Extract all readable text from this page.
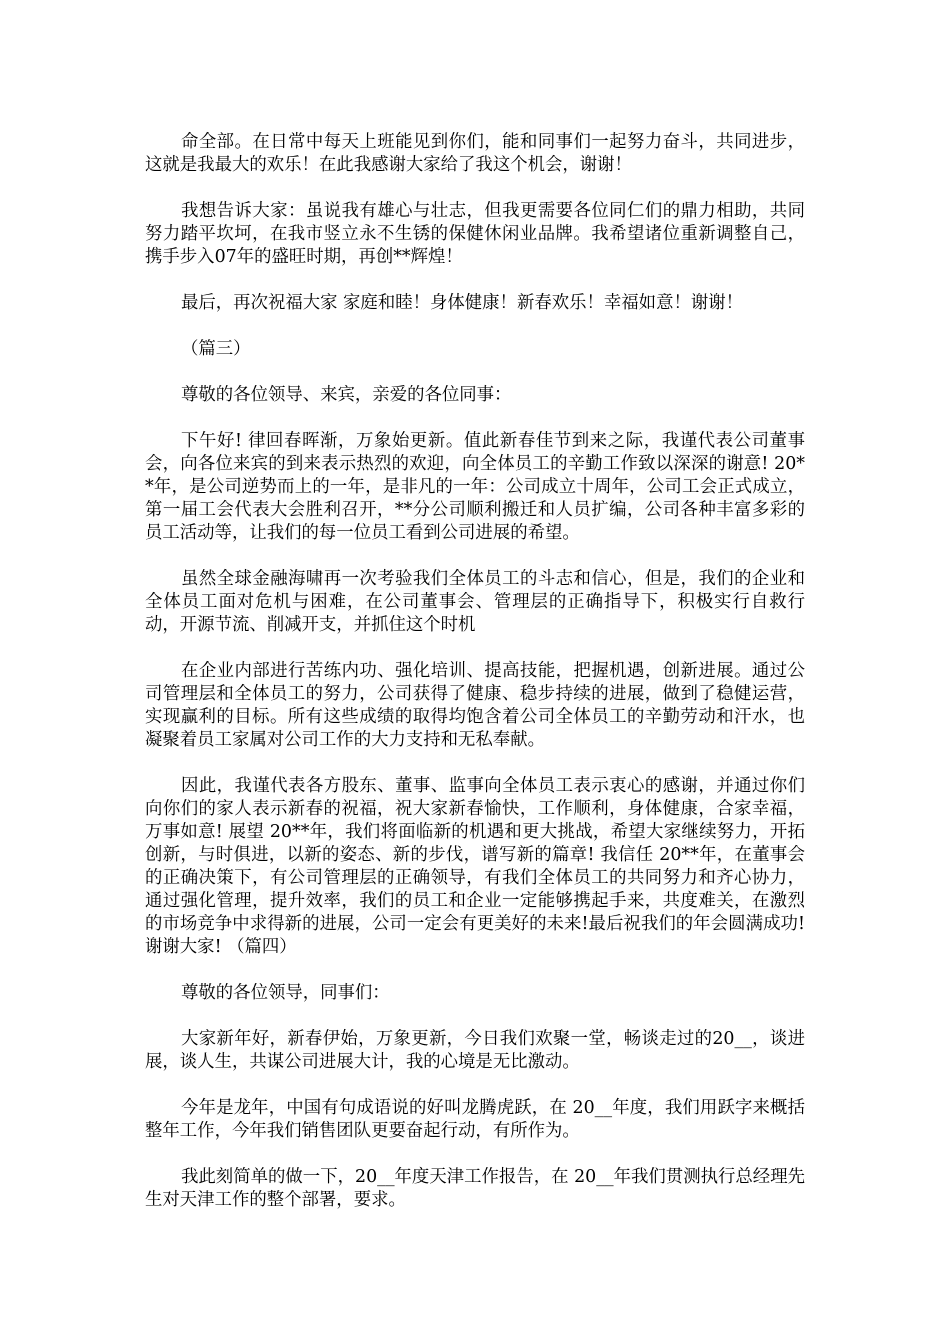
命全部。在日常中每天上班能见到你们，能和同事们一起努力奋斗，共同进步，这就是我最大的欢乐！在此我感谢大家给了我这个机会，谢谢！

我想告诉大家：虽说我有雄心与壮志，但我更需要各位同仁们的鼎力相助，共同努力踏平坎坷，在我市竖立永不生锈的保健休闲业品牌。我希望诸位重新调整自己，携手步入07年的盛旺时期，再创**辉煌！

最后，再次祝福大家 家庭和睦！身体健康！新春欢乐！幸福如意！谢谢！

（篇三）

尊敬的各位领导、来宾，亲爱的各位同事：

下午好! 律回春晖渐，万象始更新。值此新春佳节到来之际，我谨代表公司董事会，向各位来宾的到来表示热烈的欢迎，向全体员工的辛勤工作致以深深的谢意! 20**年，是公司逆势而上的一年，是非凡的一年：公司成立十周年，公司工会正式成立，第一届工会代表大会胜利召开，**分公司顺利搬迁和人员扩编，公司各种丰富多彩的员工活动等，让我们的每一位员工看到公司进展的希望。

虽然全球金融海啸再一次考验我们全体员工的斗志和信心，但是，我们的企业和全体员工面对危机与困难，在公司董事会、管理层的正确指导下，积极实行自救行动，开源节流、削减开支，并抓住这个时机

在企业内部进行苦练内功、强化培训、提高技能，把握机遇，创新进展。通过公司管理层和全体员工的努力，公司获得了健康、稳步持续的进展，做到了稳健运营，实现赢利的目标。所有这些成绩的取得均饱含着公司全体员工的辛勤劳动和汗水，也凝聚着员工家属对公司工作的大力支持和无私奉献。

因此，我谨代表各方股东、董事、监事向全体员工表示衷心的感谢，并通过你们向你们的家人表示新春的祝福，祝大家新春愉快，工作顺利，身体健康，合家幸福，万事如意! 展望 20**年，我们将面临新的机遇和更大挑战，希望大家继续努力，开拓创新，与时俱进，以新的姿态、新的步伐，谱写新的篇章! 我信任 20**年，在董事会的正确决策下，有公司管理层的正确领导，有我们全体员工的共同努力和齐心协力，通过强化管理，提升效率，我们的员工和企业一定能够携起手来，共度难关，在激烈的市场竞争中求得新的进展，公司一定会有更美好的未来!最后祝我们的年会圆满成功! 谢谢大家! （篇四）

尊敬的各位领导，同事们：

大家新年好，新春伊始，万象更新，今日我们欢聚一堂，畅谈走过的20__，谈进展，谈人生，共谋公司进展大计，我的心境是无比激动。

今年是龙年，中国有句成语说的好叫龙腾虎跃，在 20__年度，我们用跃字来概括整年工作，今年我们销售团队更要奋起行动，有所作为。

我此刻简单的做一下，20__年度天津工作报告，在 20__年我们贯测执行总经理先生对天津工作的整个部署，要求。
